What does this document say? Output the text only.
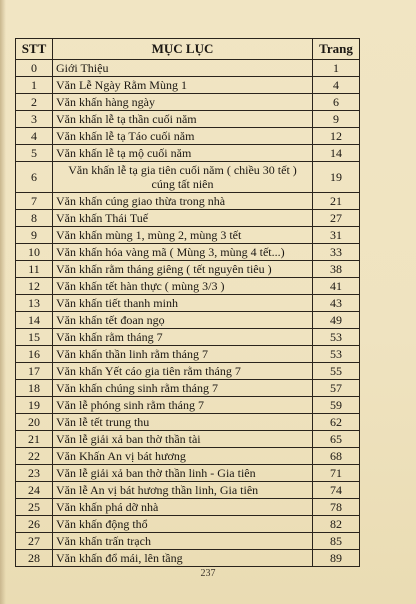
STT	MỤC LỤC	Trang
0	Giới Thiệu	1
1	Văn Lễ Ngày Rằm Mùng 1	4
2	Văn khấn hàng ngày	6
3	Văn khấn lễ tạ thần cuối năm	9
4	Văn khấn lễ tạ Táo cuối năm	12
5	Văn khấn lễ tạ mộ cuối năm	14
6	Văn khấn lễ tạ gia tiên cuối năm ( chiều 30 tết ) cúng tất niên	19
7	Văn khấn cúng giao thừa trong nhà	21
8	Văn khấn Thái Tuế	27
9	Văn khấn mùng 1, mùng 2, mùng 3 tết	31
10	Văn khấn hóa vàng mã ( Mùng 3, mùng 4 tết...)	33
11	Văn khấn rằm tháng giêng ( tết nguyên tiêu )	38
12	Văn khấn tết hàn thực ( mùng 3/3 )	41
13	Văn khấn tiết thanh minh	43
14	Văn khấn tết đoan ngọ	49
15	Văn khấn rằm tháng 7	53
16	Văn khấn thần linh rằm tháng 7	53
17	Văn khấn Yết cáo gia tiên rằm tháng 7	55
18	Văn khấn chúng sinh rằm tháng 7	57
19	Văn lễ phóng sinh rằm tháng 7	59
20	Văn lễ tết trung thu	62
21	Văn lễ giải xả ban thờ thần tài	65
22	Văn Khấn An vị bát hương	68
23	Văn lễ giải xả ban thờ thần linh - Gia tiên	71
24	Văn lễ An vị bát hương thần linh, Gia tiên	74
25	Văn khấn phá dỡ nhà	78
26	Văn khấn động thổ	82
27	Văn khấn trấn trạch	85
28	Văn khấn đổ mái, lên tầng	89
237
